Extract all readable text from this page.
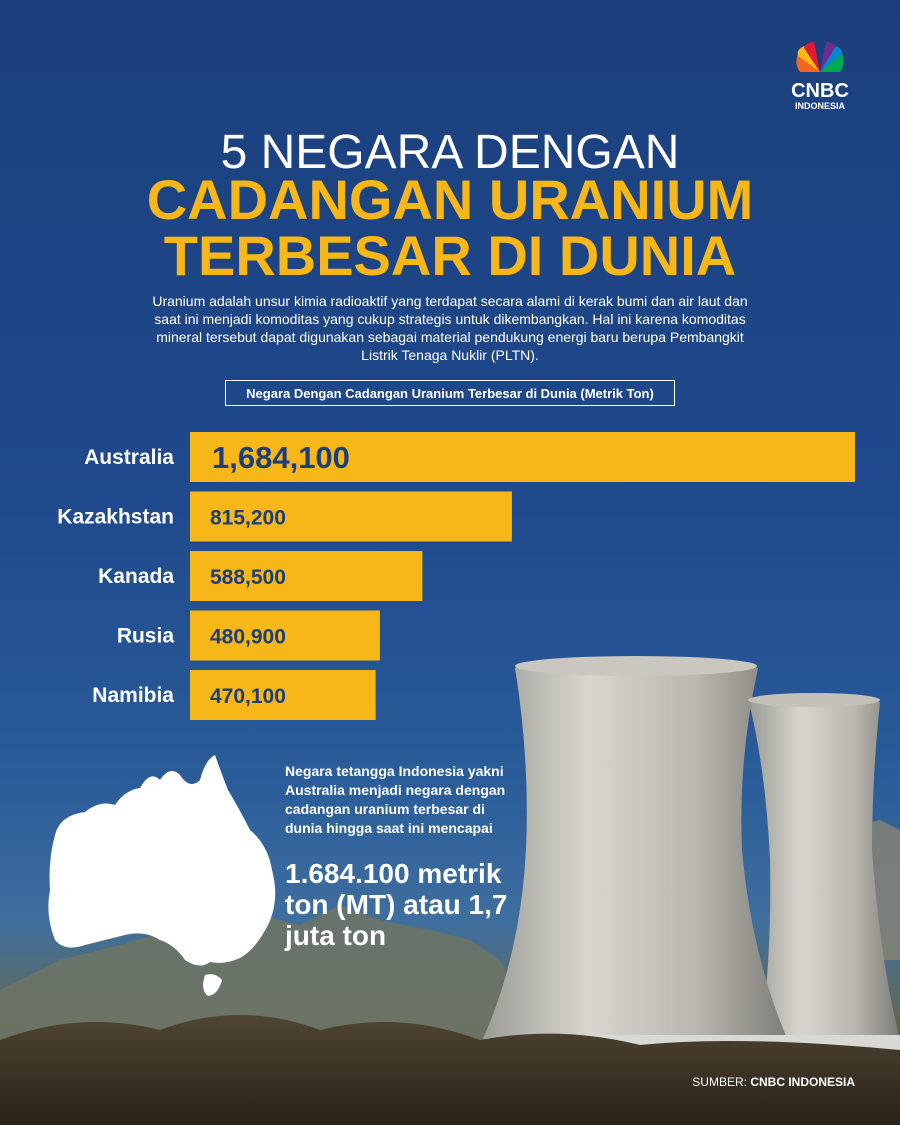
CNBC
INDONESIA
5 NEGARA DENGAN
CADANGAN URANIUM
TERBESAR DI DUNIA
Uranium adalah unsur kimia radioaktif yang terdapat secara alami di kerak bumi dan air laut dan saat ini menjadi komoditas yang cukup strategis untuk dikembangkan. Hal ini karena komoditas mineral tersebut dapat digunakan sebagai material pendukung energi baru berupa Pembangkit Listrik Tenaga Nuklir (PLTN).
Negara Dengan Cadangan Uranium Terbesar di Dunia (Metrik Ton)
Australia 1,684,100
Kazakhstan 815,200
Kanada 588,500
Rusia 480,900
Namibia 470,100
Negara tetangga Indonesia yakni Australia menjadi negara dengan cadangan uranium terbesar di dunia hingga saat ini mencapai
1.684.100 metrik ton (MT) atau 1,7 juta ton
SUMBER: CNBC INDONESIA
